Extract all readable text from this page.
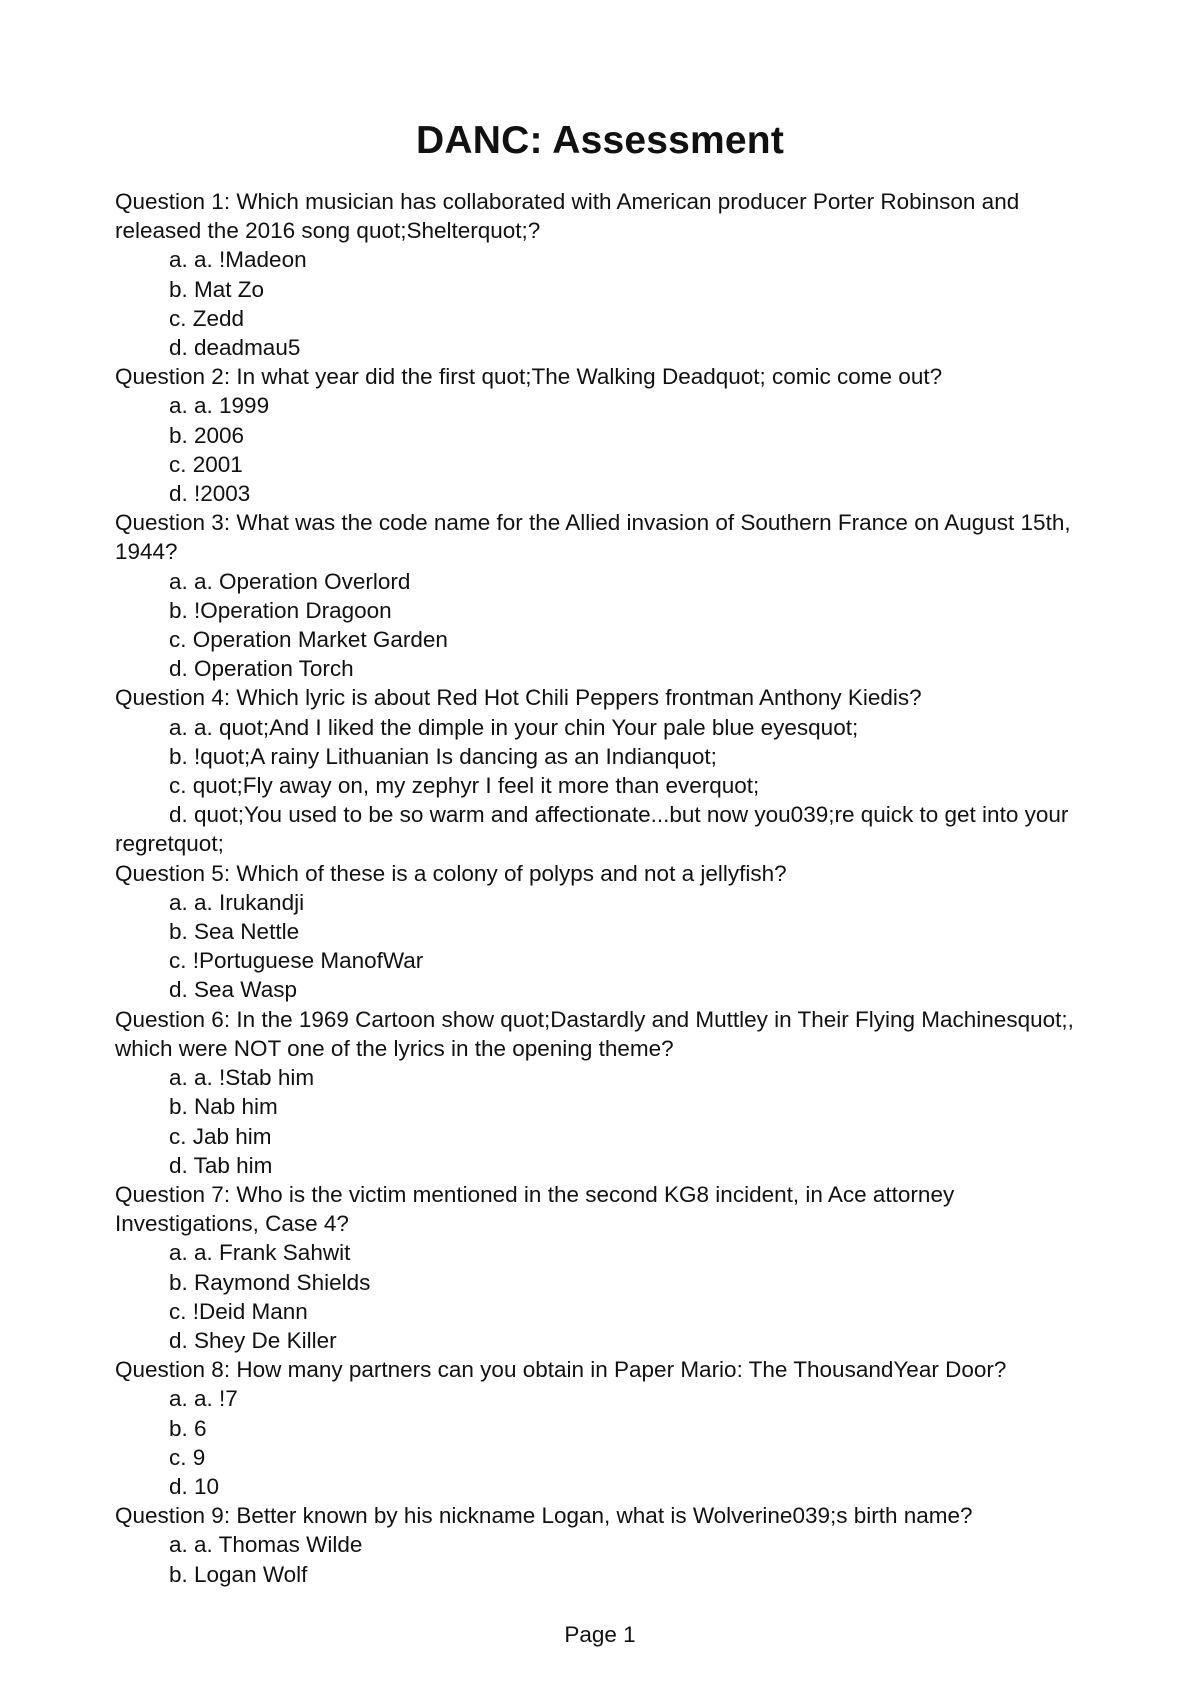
DANC: Assessment

Question 1: Which musician has collaborated with American producer Porter Robinson and released the 2016 song quot;Shelterquot;?

a. a. !Madeon

b. Mat Zo

c. Zedd

d. deadmau5

Question 2: In what year did the first quot;The Walking Deadquot; comic come out?

a. a. 1999

b. 2006

c. 2001

d. !2003

Question 3: What was the code name for the Allied invasion of Southern France on August 15th, 1944?

a. a. Operation Overlord

b. !Operation Dragoon

c. Operation Market Garden

d. Operation Torch

Question 4: Which lyric is about Red Hot Chili Peppers frontman Anthony Kiedis?

a. a. quot;And I liked the dimple in your chin Your pale blue eyesquot;

b. !quot;A rainy Lithuanian Is dancing as an Indianquot;

c. quot;Fly away on, my zephyr I feel it more than everquot;

d. quot;You used to be so warm and affectionate...but now you039;re quick to get into your regretquot;

Question 5: Which of these is a colony of polyps and not a jellyfish?

a. a. Irukandji

b. Sea Nettle

c. !Portuguese ManofWar

d. Sea Wasp

Question 6: In the 1969 Cartoon show quot;Dastardly and Muttley in Their Flying Machinesquot;, which were NOT one of the lyrics in the opening theme?

a. a. !Stab him

b. Nab him

c. Jab him

d. Tab him

Question 7: Who is the victim mentioned in the second KG8 incident, in Ace attorney Investigations, Case 4?

a. a. Frank Sahwit

b. Raymond Shields

c. !Deid Mann

d. Shey De Killer

Question 8: How many partners can you obtain in Paper Mario: The ThousandYear Door?

a. a. !7

b. 6

c. 9

d. 10

Question 9: Better known by his nickname Logan, what is Wolverine039;s birth name?

a. a. Thomas Wilde

b. Logan Wolf

Page 1
